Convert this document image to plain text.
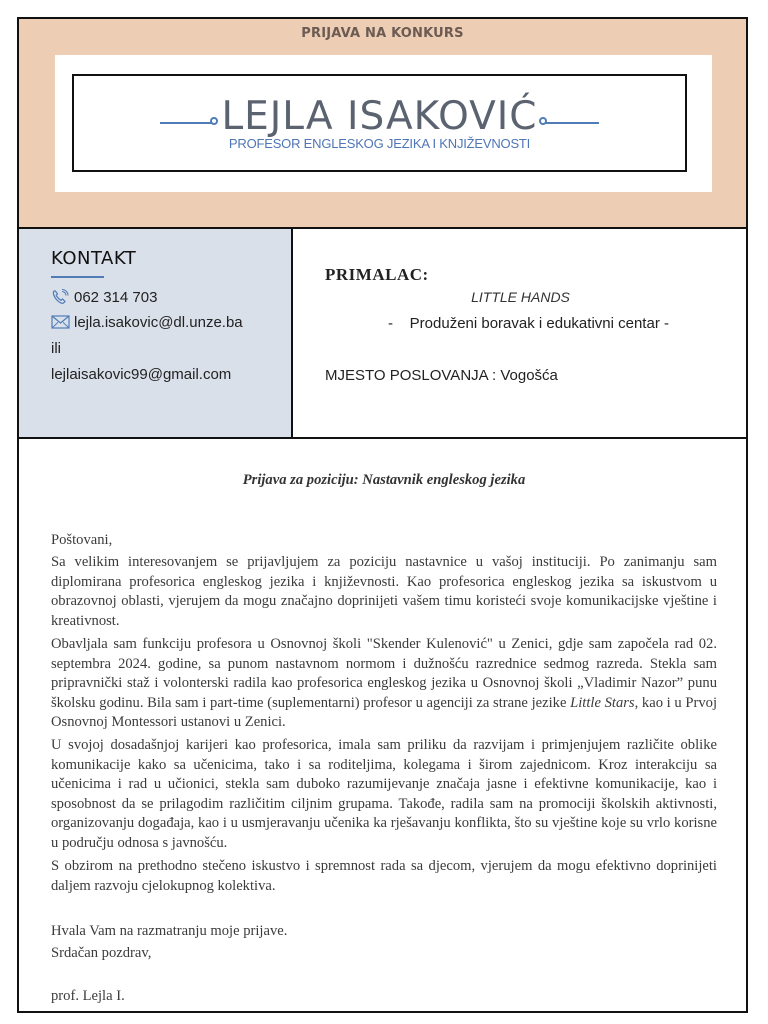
PRIJAVA NA KONKURS
LEJLA ISAKOVIĆ
PROFESOR ENGLESKOG JEZIKA I KNJIŽEVNOSTI
KONTAKT
062 314 703
lejla.isakovic@dl.unze.ba
ili
lejlaisakovic99@gmail.com
PRIMALAC:
LITTLE HANDS
-    Produženi boravak i edukativni centar -
MJESTO POSLOVANJA : Vogošća
Prijava za poziciju: Nastavnik engleskog jezika
Poštovani,

Sa velikim interesovanjem se prijavljujem za poziciju nastavnice u vašoj instituciji. Po zanimanju sam diplomirana profesorica engleskog jezika i književnosti. Kao profesorica engleskog jezika sa iskustvom u obrazovnoj oblasti, vjerujem da mogu značajno doprinijeti vašem timu koristeći svoje komunikacijske vještine i kreativnost.

Obavljala sam funkciju profesora u Osnovnoj školi "Skender Kulenović" u Zenici, gdje sam započela rad 02. septembra 2024. godine, sa punom nastavnom normom i dužnošću razrednice sedmog razreda. Stekla sam pripravnički staž i volonterski radila kao profesorica engleskog jezika u Osnovnoj školi „Vladimir Nazor” punu školsku godinu. Bila sam i part-time (suplementarni) profesor u agenciji za strane jezike Little Stars, kao i u Prvoj Osnovnoj Montessori ustanovi u Zenici.

U svojoj dosadašnjoj karijeri kao profesorica, imala sam priliku da razvijam i primjenjujem različite oblike komunikacije kako sa učenicima, tako i sa roditeljima, kolegama i širom zajednicom. Kroz interakciju sa učenicima i rad u učionici, stekla sam duboko razumijevanje značaja jasne i efektivne komunikacije, kao i sposobnost da se prilagodim različitim ciljnim grupama. Takođe, radila sam na promociji školskih aktivnosti, organizovanju događaja, kao i u usmjeravanju učenika ka rješavanju konflikta, što su vještine koje su vrlo korisne u području odnosa s javnošću.

S obzirom na prethodno stečeno iskustvo i spremnost rada sa djecom, vjerujem da mogu efektivno doprinijeti daljem razvoju cjelokupnog kolektiva.

Hvala Vam na razmatranju moje prijave.
Srdačan pozdrav,
prof. Lejla I.
